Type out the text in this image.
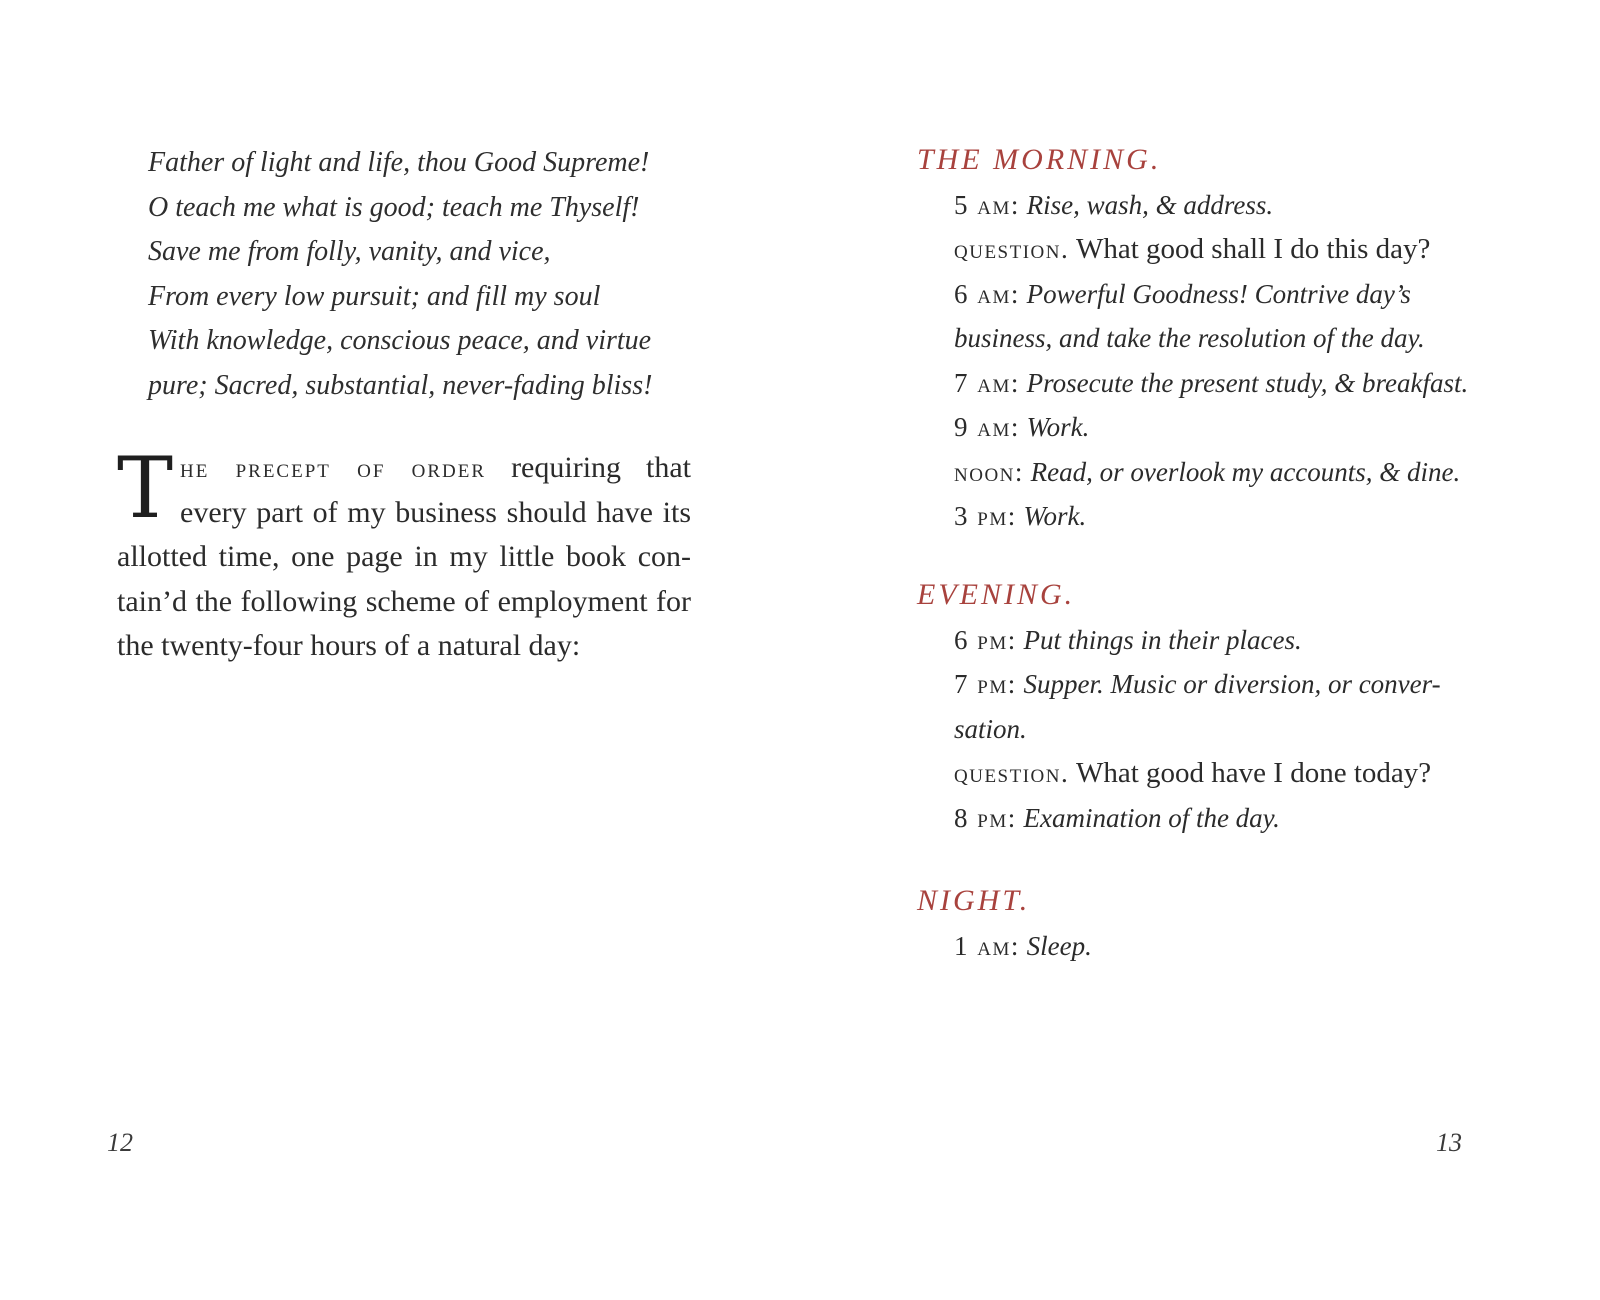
Father of light and life, thou Good Supreme!
O teach me what is good; teach me Thyself!
Save me from folly, vanity, and vice,
From every low pursuit; and fill my soul
With knowledge, conscious peace, and virtue
pure; Sacred, substantial, never-fading bliss!
T he precept of order requiring that
every part of my business should have its
allotted time, one page in my little book con-
tain’d the following scheme of employment for
the twenty-four hours of a natural day:
12
THE MORNING.
5 am: Rise, wash, & address.
question. What good shall I do this day?
6 am: Powerful Goodness! Contrive day’s
business, and take the resolution of the day.
7 am: Prosecute the present study, & breakfast.
9 am: Work.
noon: Read, or overlook my accounts, & dine.
3 pm: Work.
EVENING.
6 pm: Put things in their places.
7 pm: Supper. Music or diversion, or conver-
sation.
question. What good have I done today?
8 pm: Examination of the day.
NIGHT.
1 am: Sleep.
13
